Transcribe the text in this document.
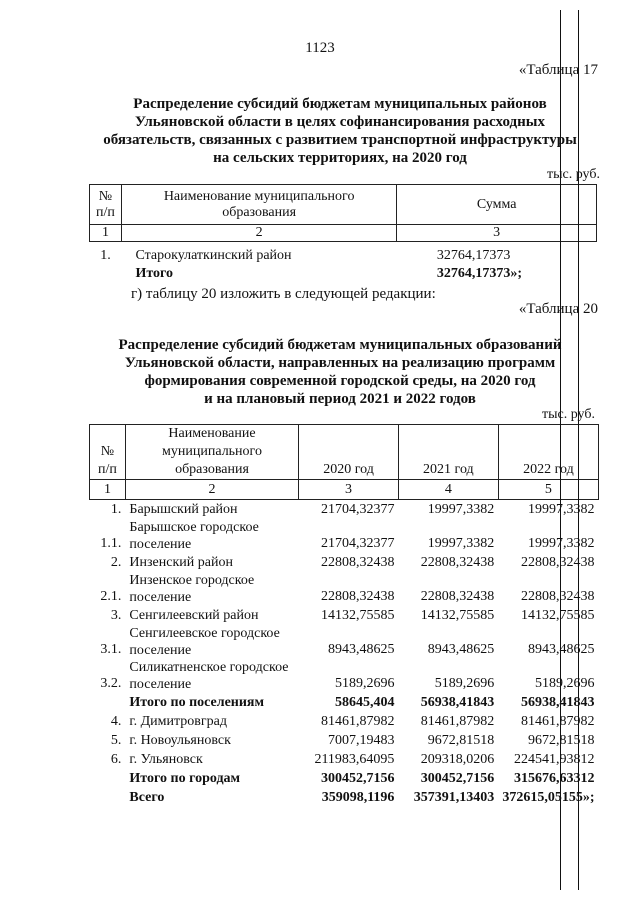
1123
«Таблица 17
Распределение субсидий бюджетам муниципальных районов
Ульяновской области в целях софинансирования расходных
обязательств, связанных с развитием транспортной инфраструктуры
на сельских территориях, на 2020 год
тыс. руб.
№ п/п	Наименование муниципального образования	Сумма
1	2	3
1.	Старокулаткинский район	32764,17373
	Итого	32764,17373»;
г) таблицу 20 изложить в следующей редакции:
«Таблица 20
Распределение субсидий бюджетам муниципальных образований
Ульяновской области, направленных на реализацию программ
формирования современной городской среды, на 2020 год
и на плановый период 2021 и 2022 годов
тыс. руб.
№ п/п	Наименование муниципального образования	2020 год	2021 год	2022 год
1	2	3	4	5
1.	Барышский район	21704,32377	19997,3382	19997,3382
1.1.	Барышское городское поселение	21704,32377	19997,3382	19997,3382
2.	Инзенский район	22808,32438	22808,32438	22808,32438
2.1.	Инзенское городское поселение	22808,32438	22808,32438	22808,32438
3.	Сенгилеевский район	14132,75585	14132,75585	14132,75585
3.1.	Сенгилеевское городское поселение	8943,48625	8943,48625	8943,48625
3.2.	Силикатненское городское поселение	5189,2696	5189,2696	5189,2696
	Итого по поселениям	58645,404	56938,41843	56938,41843
4.	г. Димитровград	81461,87982	81461,87982	81461,87982
5.	г. Новоульяновск	7007,19483	9672,81518	9672,81518
6.	г. Ульяновск	211983,64095	209318,0206	224541,93812
	Итого по городам	300452,7156	300452,7156	315676,63312
	Всего	359098,1196	357391,13403	372615,05155»;
